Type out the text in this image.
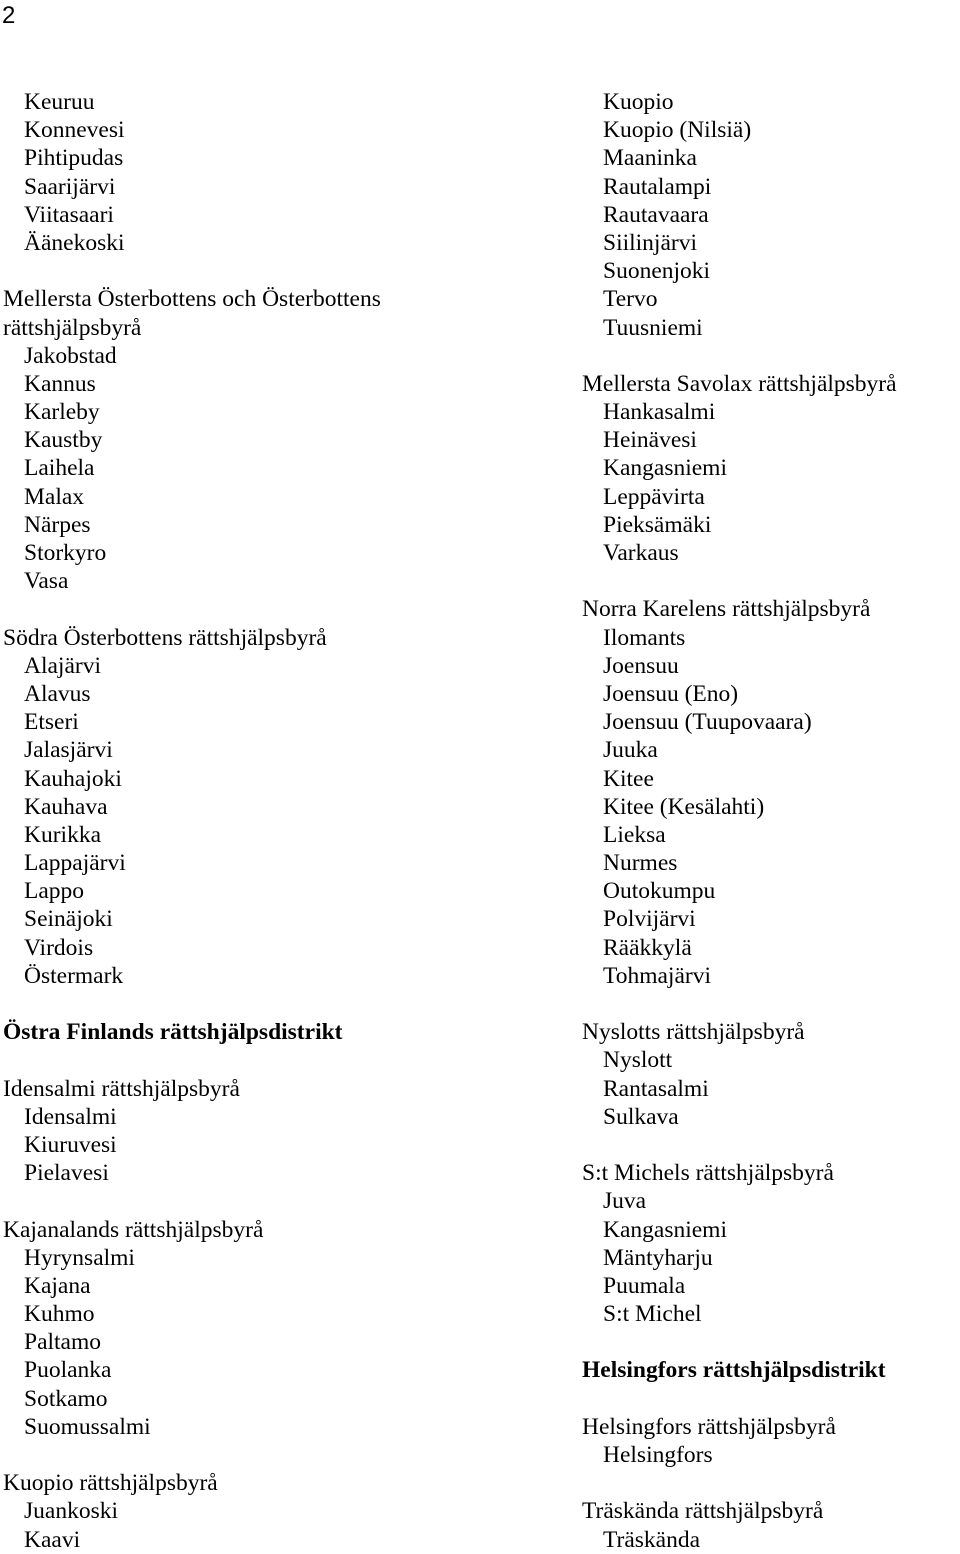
2
Keuruu
Konnevesi
Pihtipudas
Saarijärvi
Viitasaari
Äänekoski
Mellersta Österbottens och Österbottens
rättshjälpsbyrå
Jakobstad
Kannus
Karleby
Kaustby
Laihela
Malax
Närpes
Storkyro
Vasa
Södra Österbottens rättshjälpsbyrå
Alajärvi
Alavus
Etseri
Jalasjärvi
Kauhajoki
Kauhava
Kurikka
Lappajärvi
Lappo
Seinäjoki
Virdois
Östermark
Östra Finlands rättshjälpsdistrikt
Idensalmi rättshjälpsbyrå
Idensalmi
Kiuruvesi
Pielavesi
Kajanalands rättshjälpsbyrå
Hyrynsalmi
Kajana
Kuhmo
Paltamo
Puolanka
Sotkamo
Suomussalmi
Kuopio rättshjälpsbyrå
Juankoski
Kaavi
Kuopio
Kuopio (Nilsiä)
Maaninka
Rautalampi
Rautavaara
Siilinjärvi
Suonenjoki
Tervo
Tuusniemi
Mellersta Savolax rättshjälpsbyrå
Hankasalmi
Heinävesi
Kangasniemi
Leppävirta
Pieksämäki
Varkaus
Norra Karelens rättshjälpsbyrå
Ilomants
Joensuu
Joensuu (Eno)
Joensuu (Tuupovaara)
Juuka
Kitee
Kitee (Kesälahti)
Lieksa
Nurmes
Outokumpu
Polvijärvi
Rääkkylä
Tohmajärvi
Nyslotts rättshjälpsbyrå
Nyslott
Rantasalmi
Sulkava
S:t Michels rättshjälpsbyrå
Juva
Kangasniemi
Mäntyharju
Puumala
S:t Michel
Helsingfors rättshjälpsdistrikt
Helsingfors rättshjälpsbyrå
Helsingfors
Träskända rättshjälpsbyrå
Träskända
